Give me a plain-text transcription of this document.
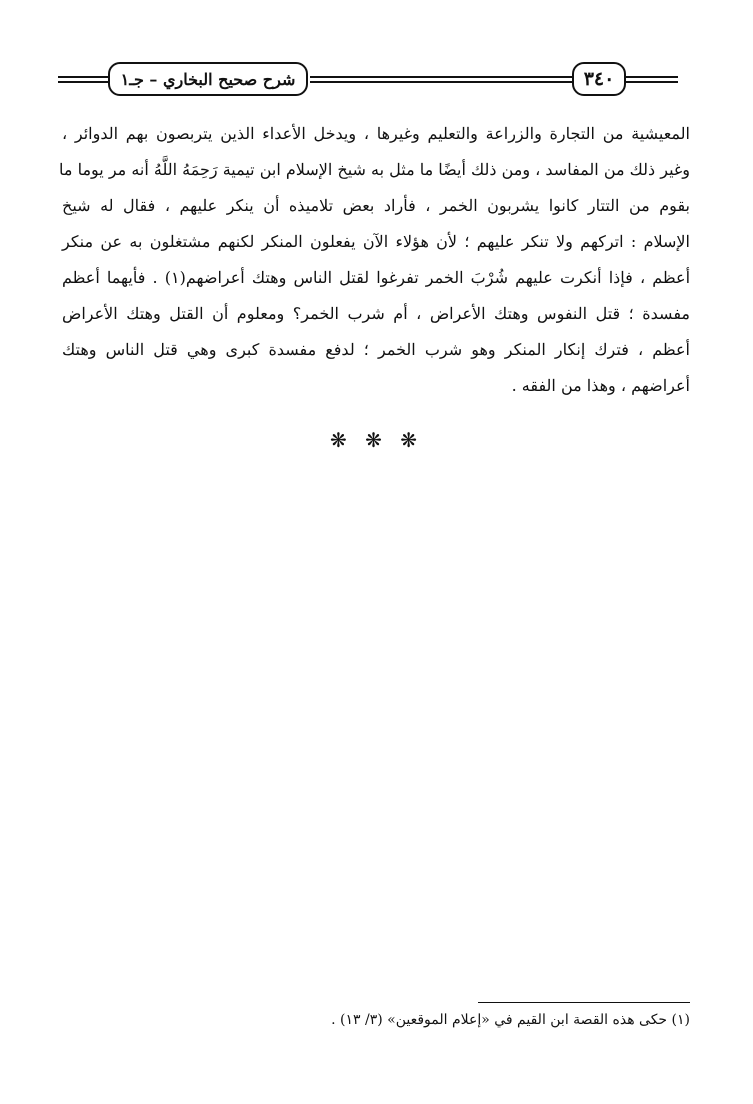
شرح صحيح البخاري – جـ١	٣٤٠
المعيشية من التجارة والزراعة والتعليم وغيرها ، ويدخل الأعداء الذين يتربصون بهم الدوائر ،
وغير ذلك من المفاسد ، ومن ذلك أيضًا ما مثل به شيخ الإسلام ابن تيمية رَحِمَهُ اللَّهُ أنه مر يوما ما
بقوم من التتار كانوا يشربون الخمر ، فأراد بعض تلاميذه أن ينكر عليهم ، فقال له شيخ
الإسلام : اتركهم ولا تنكر عليهم ؛ لأن هؤلاء الآن يفعلون المنكر لكنهم مشتغلون به عن منكر
أعظم ، فإذا أنكرت عليهم شُرْبَ الخمر تفرغوا لقتل الناس وهتك أعراضهم(١) . فأيهما أعظم
مفسدة ؛ قتل النفوس وهتك الأعراض ، أم شرب الخمر؟ ومعلوم أن القتل وهتك الأعراض
أعظم ، فترك إنكار المنكر وهو شرب الخمر ؛ لدفع مفسدة كبرى وهي قتل الناس وهتك
أعراضهم ، وهذا من الفقه .
❋ ❋ ❋
(١) حكى هذه القصة ابن القيم في «إعلام الموقعين» (٣/ ١٣) .
